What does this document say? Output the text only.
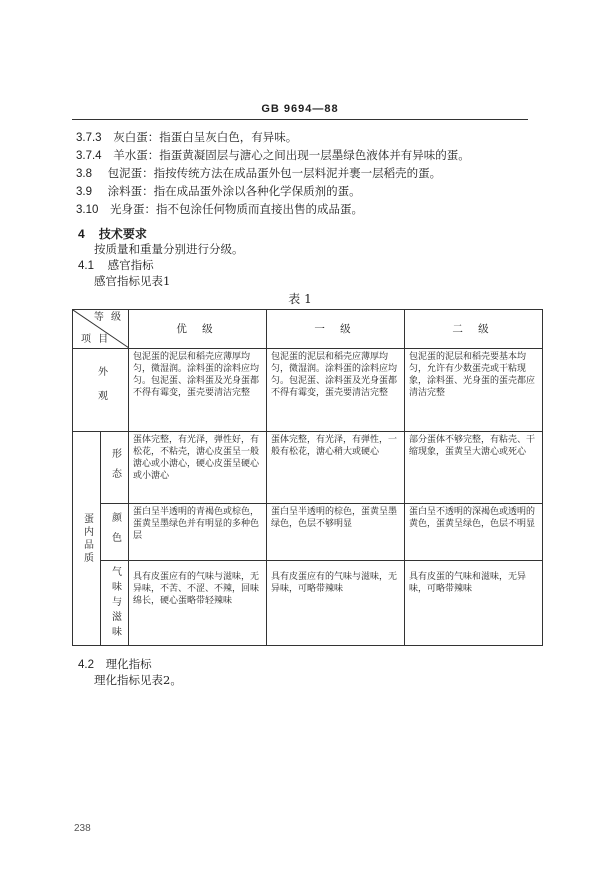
GB 9694—88
3.7.3 灰白蛋：指蛋白呈灰白色，有异味。
3.7.4 羊水蛋：指蛋黄凝固层与溏心之间出现一层墨绿色液体并有异味的蛋。
3.8 包泥蛋：指按传统方法在成品蛋外包一层料泥并裹一层稻壳的蛋。
3.9 涂料蛋：指在成品蛋外涂以各种化学保质剂的蛋。
3.10 光身蛋：指不包涂任何物质而直接出售的成品蛋。
4 技术要求
按质量和重量分别进行分级。
4.1 感官指标
感官指标见表1
表 1
等 级
项 目		优 级	一 级	二 级

外观		包泥蛋的泥层和稻壳应薄厚均匀，微湿润。涂料蛋的涂料应均匀。包泥蛋、涂料蛋及光身蛋都不得有霉变，蛋壳要清洁完整	包泥蛋的泥层和稻壳应薄厚均匀，微湿润。涂料蛋的涂料应均匀。包泥蛋、涂料蛋及光身蛋都不得有霉变，蛋壳要清洁完整	包泥蛋的泥层和稻壳要基本均匀，允许有少数蛋壳或干粘现象，涂料蛋、光身蛋的蛋壳都应清洁完整

蛋内品质	形态	蛋体完整，有光泽，弹性好，有松花，不粘壳，溏心皮蛋呈一般溏心或小溏心，硬心皮蛋呈硬心或小溏心	蛋体完整，有光泽，有弹性，一般有松花，溏心稍大或硬心	部分蛋体不够完整，有粘壳、干缩现象，蛋黄呈大溏心或死心

	颜色	蛋白呈半透明的青褐色或棕色，蛋黄呈墨绿色并有明显的多种色层	蛋白呈半透明的棕色，蛋黄呈墨绿色，色层不够明显	蛋白呈不透明的深褐色或透明的黄色，蛋黄呈绿色，色层不明显

	气味与滋味	具有皮蛋应有的气味与滋味，无异味，不苦、不涩、不辣，回味绵长，硬心蛋略带轻辣味	具有皮蛋应有的气味与滋味，无异味，可略带辣味	具有皮蛋的气味和滋味，无异味，可略带辣味
4.2 理化指标
理化指标见表2。
238
